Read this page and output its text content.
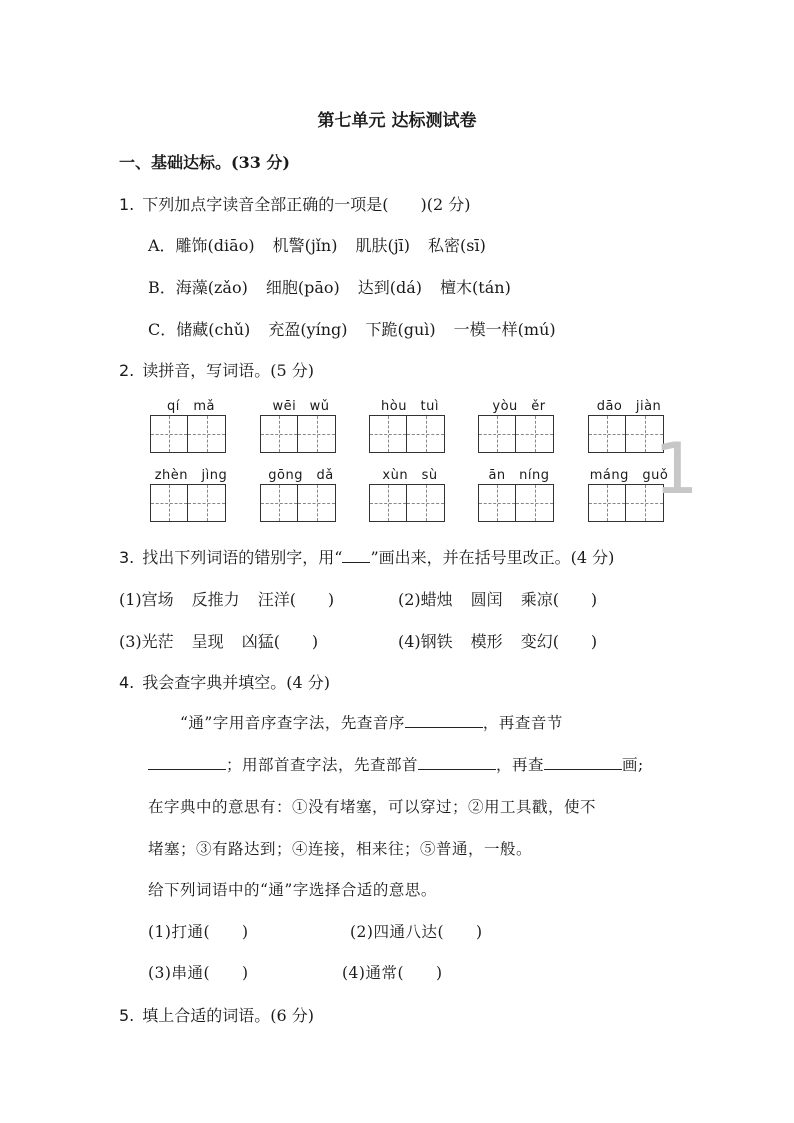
第七单元 达标测试卷
一、基础达标。(33 分)
1. 下列加点字读音全部正确的一项是(　　)(2 分)
A．雕饰(diāo) 机警(jǐn) 肌肤(jī) 私密(sī)
B．海藻(zǎo) 细胞(pāo) 达到(dá) 檀木(tán)
C．储藏(chǔ) 充盈(yíng) 下跪(guì) 一模一样(mú)
2. 读拼音，写词语。(5 分)
qí　mǎ	wēi　wǔ	hòu　tuì	yòu　ěr	dāo　jiàn
zhèn　jìng	gōng　dǎ	xùn　sù	ān　níng	máng　guǒ
1
3. 找出下列词语的错别字，用“ ”画出来，并在括号里改正。(4 分)
(1)宫场 反推力 汪洋(　　)	(2)蜡烛 圆闰 乘凉(　　)
(3)光茫 呈现 凶猛(　　)	(4)钢铁 模形 变幻(　　)
4. 我会查字典并填空。(4 分)
“通”字用音序查字法，先查音序	，再查音节
；用部首查字法，先查部首	，再查	画;
在字典中的意思有：①没有堵塞，可以穿过；②用工具戳，使不
堵塞；③有路达到；④连接，相来往；⑤普通，一般。
给下列词语中的“通”字选择合适的意思。
(1)打通(　　)	(2)四通八达(　　)
(3)串通(　　)	(4)通常(　　)
5. 填上合适的词语。(6 分)
